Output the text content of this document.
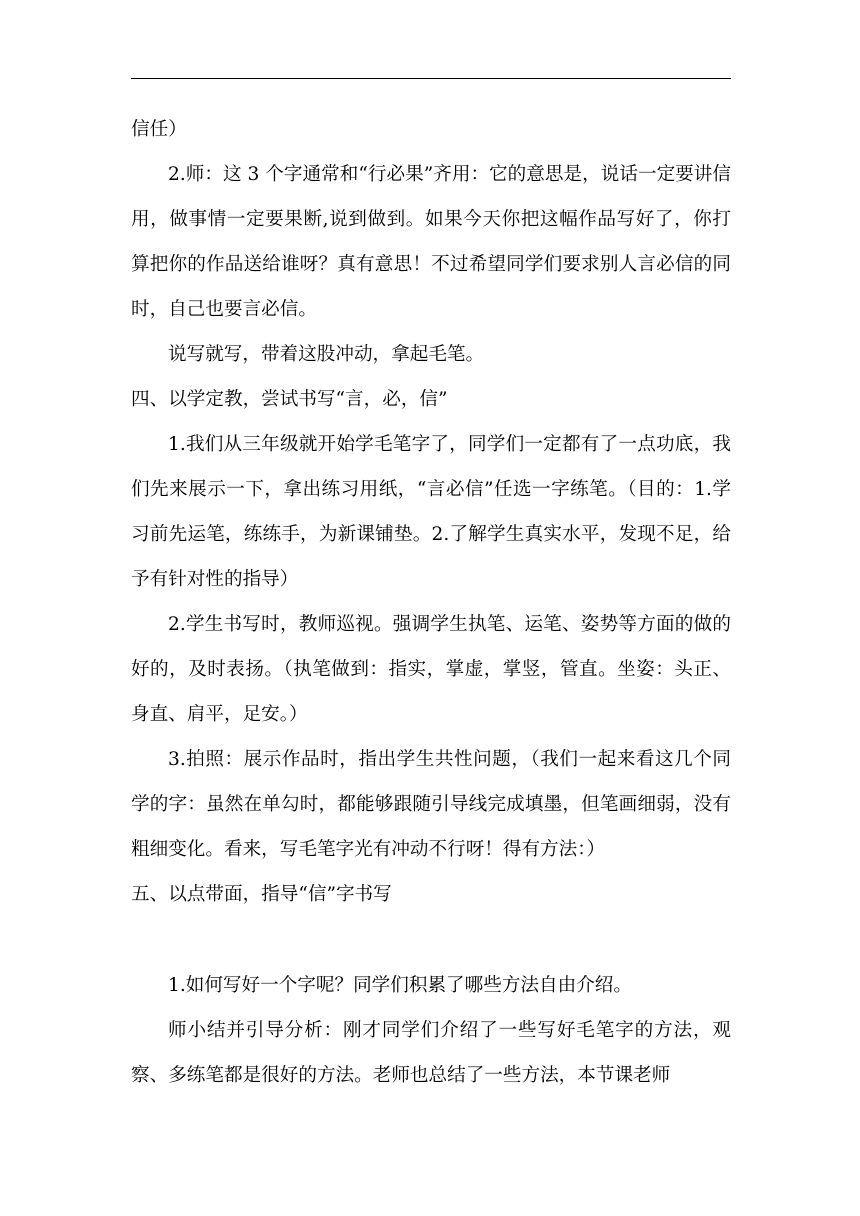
信任）

2.师：这 3 个字通常和“行必果”齐用：它的意思是，说话一定要讲信用，做事情一定要果断,说到做到。如果今天你把这幅作品写好了，你打算把你的作品送给谁呀？真有意思！不过希望同学们要求别人言必信的同时，自己也要言必信。

说写就写，带着这股冲动，拿起毛笔。

四、以学定教，尝试书写“言，必，信”

1.我们从三年级就开始学毛笔字了，同学们一定都有了一点功底，我们先来展示一下，拿出练习用纸，“言必信”任选一字练笔。（目的：1.学习前先运笔，练练手，为新课铺垫。2.了解学生真实水平，发现不足，给予有针对性的指导）

2.学生书写时，教师巡视。强调学生执笔、运笔、姿势等方面的做的好的，及时表扬。（执笔做到：指实，掌虚，掌竖，管直。坐姿：头正、身直、肩平，足安。）

3.拍照：展示作品时，指出学生共性问题，（我们一起来看这几个同学的字：虽然在单勾时，都能够跟随引导线完成填墨，但笔画细弱，没有粗细变化。看来，写毛笔字光有冲动不行呀！得有方法：）

五、以点带面，指导“信”字书写

1.如何写好一个字呢？同学们积累了哪些方法自由介绍。

师小结并引导分析：刚才同学们介绍了一些写好毛笔字的方法，观察、多练笔都是很好的方法。老师也总结了一些方法，本节课老师
